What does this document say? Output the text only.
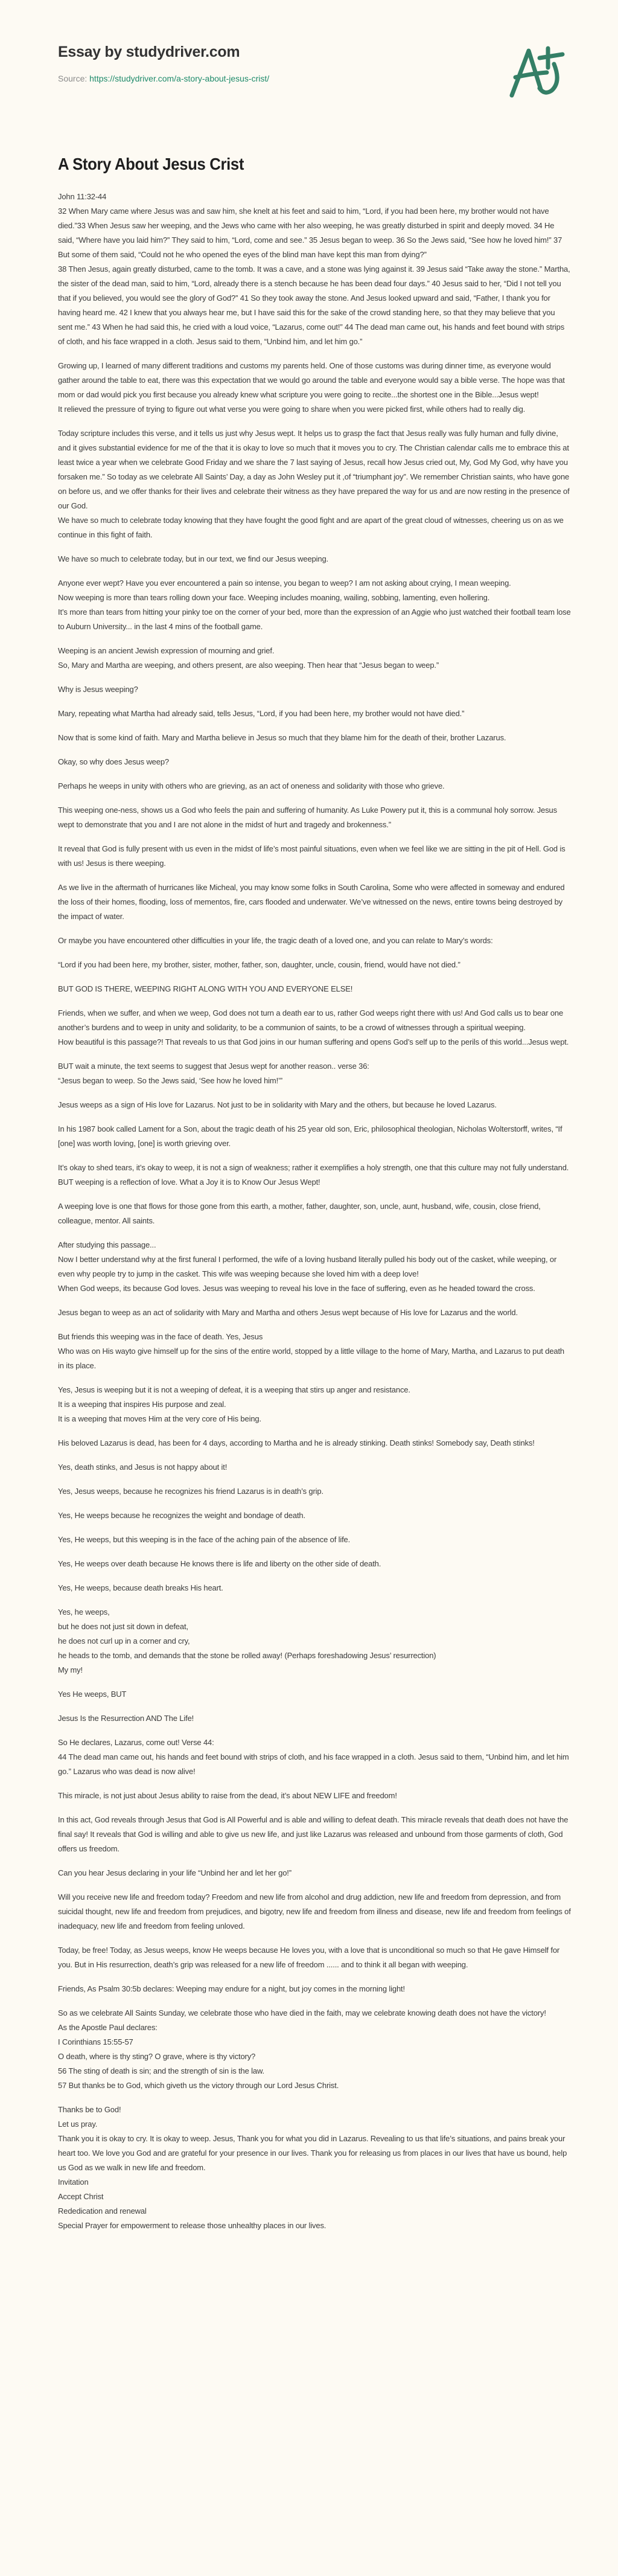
Essay by studydriver.com
Source: https://studydriver.com/a-story-about-jesus-crist/
A Story About Jesus Crist

John 11:32-44
32 When Mary came where Jesus was and saw him, she knelt at his feet and said to him, “Lord, if you had been here, my brother would not have died.”33 When Jesus saw her weeping, and the Jews who came with her also weeping, he was greatly disturbed in spirit and deeply moved. 34 He said, “Where have you laid him?” They said to him, “Lord, come and see.” 35 Jesus began to weep. 36 So the Jews said, “See how he loved him!” 37 But some of them said, “Could not he who opened the eyes of the blind man have kept this man from dying?”
38 Then Jesus, again greatly disturbed, came to the tomb. It was a cave, and a stone was lying against it. 39 Jesus said “Take away the stone.” Martha, the sister of the dead man, said to him, “Lord, already there is a stench because he has been dead four days.” 40 Jesus said to her, “Did I not tell you that if you believed, you would see the glory of God?” 41 So they took away the stone. And Jesus looked upward and said, “Father, I thank you for having heard me. 42 I knew that you always hear me, but I have said this for the sake of the crowd standing here, so that they may believe that you sent me.” 43 When he had said this, he cried with a loud voice, “Lazarus, come out!” 44 The dead man came out, his hands and feet bound with strips of cloth, and his face wrapped in a cloth. Jesus said to them, “Unbind him, and let him go.”

Growing up, I learned of many different traditions and customs my parents held. One of those customs was during dinner time, as everyone would gather around the table to eat, there was this expectation that we would go around the table and everyone would say a bible verse. The hope was that mom or dad would pick you first because you already knew what scripture you were going to recite...the shortest one in the Bible...Jesus wept!
It relieved the pressure of trying to figure out what verse you were going to share when you were picked first, while others had to really dig.

Today scripture includes this verse, and it tells us just why Jesus wept. It helps us to grasp the fact that Jesus really was fully human and fully divine, and it gives substantial evidence for me of the that it is okay to love so much that it moves you to cry. The Christian calendar calls me to embrace this at least twice a year when we celebrate Good Friday and we share the 7 last saying of Jesus, recall how Jesus cried out, My, God My God, why have you forsaken me.” So today as we celebrate All Saints’ Day, a day as John Wesley put it ,of “triumphant joy”. We remember Christian saints, who have gone on before us, and we offer thanks for their lives and celebrate their witness as they have prepared the way for us and are now resting in the presence of our God.
We have so much to celebrate today knowing that they have fought the good fight and are apart of the great cloud of witnesses, cheering us on as we continue in this fight of faith.

We have so much to celebrate today, but in our text, we find our Jesus weeping.

Anyone ever wept? Have you ever encountered a pain so intense, you began to weep? I am not asking about crying, I mean weeping.
Now weeping is more than tears rolling down your face. Weeping includes moaning, wailing, sobbing, lamenting, even hollering.
It’s more than tears from hitting your pinky toe on the corner of your bed, more than the expression of an Aggie who just watched their football team lose to Auburn University... in the last 4 mins of the football game.

Weeping is an ancient Jewish expression of mourning and grief.
So, Mary and Martha are weeping, and others present, are also weeping. Then hear that “Jesus began to weep.”

Why is Jesus weeping?

Mary, repeating what Martha had already said, tells Jesus, “Lord, if you had been here, my brother would not have died.”

Now that is some kind of faith. Mary and Martha believe in Jesus so much that they blame him for the death of their, brother Lazarus.

Okay, so why does Jesus weep?

Perhaps he weeps in unity with others who are grieving, as an act of oneness and solidarity with those who grieve.

This weeping one-ness, shows us a God who feels the pain and suffering of humanity. As Luke Powery put it, this is a communal holy sorrow. Jesus wept to demonstrate that you and I are not alone in the midst of hurt and tragedy and brokenness.”

It reveal that God is fully present with us even in the midst of life’s most painful situations, even when we feel like we are sitting in the pit of Hell. God is with us! Jesus is there weeping.

As we live in the aftermath of hurricanes like Micheal, you may know some folks in South Carolina, Some who were affected in someway and endured the loss of their homes, flooding, loss of mementos, fire, cars flooded and underwater. We’ve witnessed on the news, entire towns being destroyed by the impact of water.

Or maybe you have encountered other difficulties in your life, the tragic death of a loved one, and you can relate to Mary’s words:

“Lord if you had been here, my brother, sister, mother, father, son, daughter, uncle, cousin, friend, would have not died.”

BUT GOD IS THERE, WEEPING RIGHT ALONG WITH YOU AND EVERYONE ELSE!

Friends, when we suffer, and when we weep, God does not turn a death ear to us, rather God weeps right there with us! And God calls us to bear one another’s burdens and to weep in unity and solidarity, to be a communion of saints, to be a crowd of witnesses through a spiritual weeping.
How beautiful is this passage?! That reveals to us that God joins in our human suffering and opens God’s self up to the perils of this world...Jesus wept.

BUT wait a minute, the text seems to suggest that Jesus wept for another reason.. verse 36:
“Jesus began to weep. So the Jews said, ‘See how he loved him!’”

Jesus weeps as a sign of His love for Lazarus. Not just to be in solidarity with Mary and the others, but because he loved Lazarus.

In his 1987 book called Lament for a Son, about the tragic death of his 25 year old son, Eric, philosophical theologian, Nicholas Wolterstorff, writes, “If [one] was worth loving, [one] is worth grieving over.

It’s okay to shed tears, it’s okay to weep, it is not a sign of weakness; rather it exemplifies a holy strength, one that this culture may not fully understand. BUT weeping is a reflection of love. What a Joy it is to Know Our Jesus Wept!

A weeping love is one that flows for those gone from this earth, a mother, father, daughter, son, uncle, aunt, husband, wife, cousin, close friend, colleague, mentor. All saints.

After studying this passage...
Now I better understand why at the first funeral I performed, the wife of a loving husband literally pulled his body out of the casket, while weeping, or even why people try to jump in the casket. This wife was weeping because she loved him with a deep love!
When God weeps, its because God loves. Jesus was weeping to reveal his love in the face of suffering, even as he headed toward the cross.

Jesus began to weep as an act of solidarity with Mary and Martha and others Jesus wept because of His love for Lazarus and the world.

But friends this weeping was in the face of death. Yes, Jesus
Who was on His wayto give himself up for the sins of the entire world, stopped by a little village to the home of Mary, Martha, and Lazarus to put death in its place.

Yes, Jesus is weeping but it is not a weeping of defeat, it is a weeping that stirs up anger and resistance.
It is a weeping that inspires His purpose and zeal.
It is a weeping that moves Him at the very core of His being.

His beloved Lazarus is dead, has been for 4 days, according to Martha and he is already stinking. Death stinks! Somebody say, Death stinks!

Yes, death stinks, and Jesus is not happy about it!

Yes, Jesus weeps, because he recognizes his friend Lazarus is in death’s grip.

Yes, He weeps because he recognizes the weight and bondage of death.

Yes, He weeps, but this weeping is in the face of the aching pain of the absence of life.

Yes, He weeps over death because He knows there is life and liberty on the other side of death.

Yes, He weeps, because death breaks His heart.

Yes, he weeps,
but he does not just sit down in defeat,
he does not curl up in a corner and cry,
he heads to the tomb, and demands that the stone be rolled away! (Perhaps foreshadowing Jesus’ resurrection)
My my!

Yes He weeps, BUT

Jesus Is the Resurrection AND The Life!

So He declares, Lazarus, come out! Verse 44:
44 The dead man came out, his hands and feet bound with strips of cloth, and his face wrapped in a cloth. Jesus said to them, “Unbind him, and let him go.” Lazarus who was dead is now alive!

This miracle, is not just about Jesus ability to raise from the dead, it’s about NEW LIFE and freedom!

In this act, God reveals through Jesus that God is All Powerful and is able and willing to defeat death. This miracle reveals that death does not have the final say! It reveals that God is willing and able to give us new life, and just like Lazarus was released and unbound from those garments of cloth, God offers us freedom.

Can you hear Jesus declaring in your life “Unbind her and let her go!”

Will you receive new life and freedom today? Freedom and new life from alcohol and drug addiction, new life and freedom from depression, and from suicidal thought, new life and freedom from prejudices, and bigotry, new life and freedom from illness and disease, new life and freedom from feelings of inadequacy, new life and freedom from feeling unloved.

Today, be free! Today, as Jesus weeps, know He weeps because He loves you, with a love that is unconditional so much so that He gave Himself for you. But in His resurrection, death’s grip was released for a new life of freedom ...... and to think it all began with weeping.

Friends, As Psalm 30:5b declares: Weeping may endure for a night, but joy comes in the morning light!

So as we celebrate All Saints Sunday, we celebrate those who have died in the faith, may we celebrate knowing death does not have the victory!
As the Apostle Paul declares:
I Corinthians 15:55-57
O death, where is thy sting? O grave, where is thy victory?
56 The sting of death is sin; and the strength of sin is the law.
57 But thanks be to God, which giveth us the victory through our Lord Jesus Christ.

Thanks be to God!
Let us pray.
Thank you it is okay to cry. It is okay to weep. Jesus, Thank you for what you did in Lazarus. Revealing to us that life’s situations, and pains break your heart too. We love you God and are grateful for your presence in our lives. Thank you for releasing us from places in our lives that have us bound, help us God as we walk in new life and freedom.
Invitation
Accept Christ
Rededication and renewal
Special Prayer for empowerment to release those unhealthy places in our lives.
